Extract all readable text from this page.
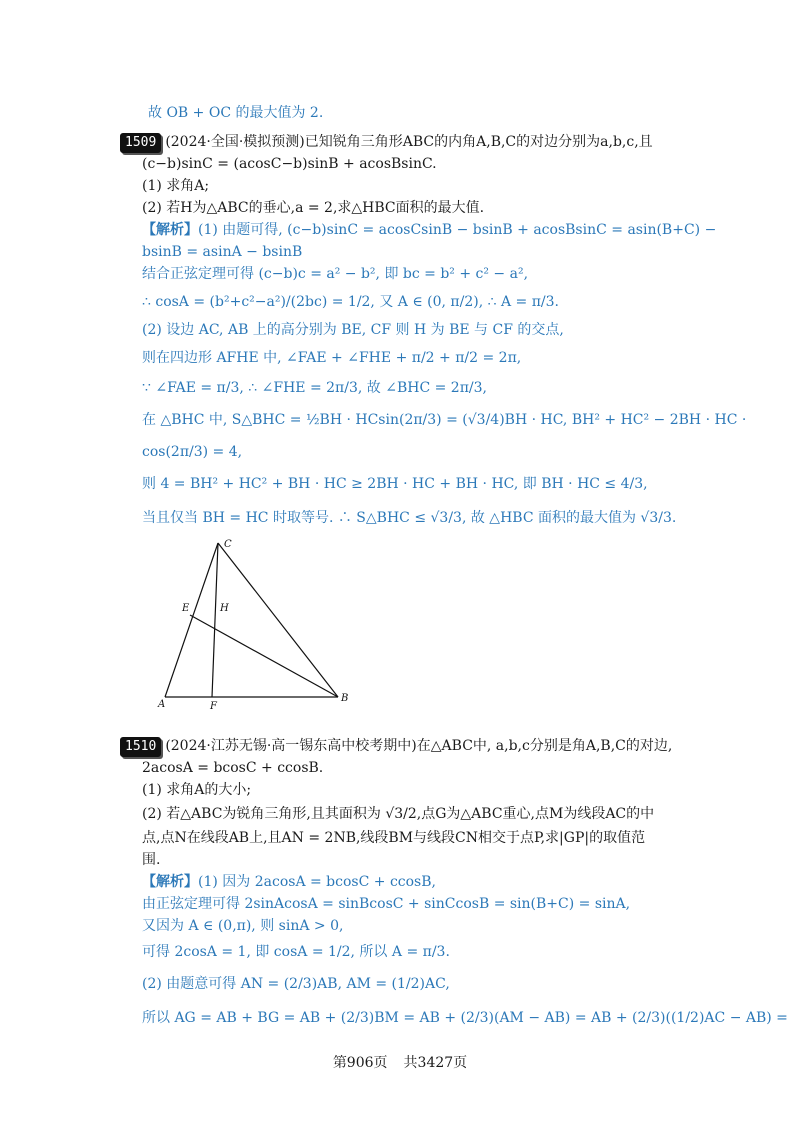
故 OB + OC 的最大值为 2.
1509 (2024·全国·模拟预测)已知锐角三角形ABC的内角A,B,C的对边分别为a,b,c,且
(c−b)sinC = (acosC−b)sinB + acosBsinC.
(1) 求角A;
(2) 若H为△ABC的垂心,a = 2,求△HBC面积的最大值.
【解析】(1) 由题可得, (c−b)sinC = acosCsinB − bsinB + acosBsinC = asin(B+C) −
bsinB = asinA − bsinB
结合正弦定理可得 (c−b)c = a² − b², 即 bc = b² + c² − a²,
∴ cosA = (b²+c²−a²)/(2bc) = 1/2, 又 A ∈ (0, π/2), ∴ A = π/3.
(2) 设边 AC, AB 上的高分别为 BE, CF 则 H 为 BE 与 CF 的交点,
则在四边形 AFHE 中, ∠FAE + ∠FHE + π/2 + π/2 = 2π,
∵ ∠FAE = π/3, ∴ ∠FHE = 2π/3, 故 ∠BHC = 2π/3,
在 △BHC 中, S△BHC = ½BH · HCsin(2π/3) = (√3/4)BH · HC, BH² + HC² − 2BH · HC ·
cos(2π/3) = 4,
则 4 = BH² + HC² + BH · HC ≥ 2BH · HC + BH · HC, 即 BH · HC ≤ 4/3,
当且仅当 BH = HC 时取等号. ∴ S△BHC ≤ √3/3, 故 △HBC 面积的最大值为 √3/3.
C
E	H
A	F
B
1510 (2024·江苏无锡·高一锡东高中校考期中)在△ABC中, a,b,c分别是角A,B,C的对边,
2acosA = bcosC + ccosB.
(1) 求角A的大小;
(2) 若△ABC为锐角三角形,且其面积为 √3/2,点G为△ABC重心,点M为线段AC的中
点,点N在线段AB上,且AN = 2NB,线段BM与线段CN相交于点P,求|GP|的取值范
围.
【解析】(1) 因为 2acosA = bcosC + ccosB,
由正弦定理可得 2sinAcosA = sinBcosC + sinCcosB = sin(B+C) = sinA,
又因为 A ∈ (0,π), 则 sinA > 0,
可得 2cosA = 1, 即 cosA = 1/2, 所以 A = π/3.
(2) 由题意可得 AN = (2/3)AB, AM = (1/2)AC,
所以 AG = AB + BG = AB + (2/3)BM = AB + (2/3)(AM − AB) = AB + (2/3)((1/2)AC − AB) =
第906页 共3427页
